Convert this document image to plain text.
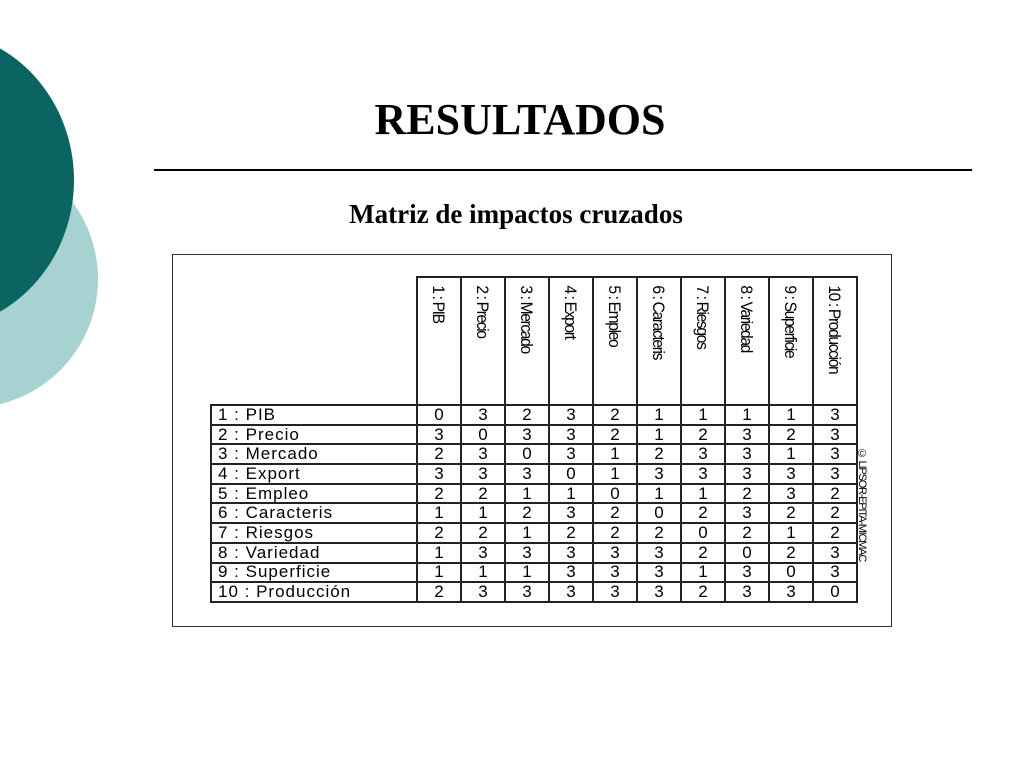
RESULTADOS
Matriz de impactos cruzados
	1 : PIB	2 : Precio	3 : Mercado	4 : Export	5 : Empleo	6 : Caracteris	7 : Riesgos	8 : Variedad	9 : Superficie	10 : Producción
1 : PIB	0	3	2	3	2	1	1	1	1	3
2 : Precio	3	0	3	3	2	1	2	3	2	3
3 : Mercado	2	3	0	3	1	2	3	3	1	3
4 : Export	3	3	3	0	1	3	3	3	3	3
5 : Empleo	2	2	1	1	0	1	1	2	3	2
6 : Caracteris	1	1	2	3	2	0	2	3	2	2
7 : Riesgos	2	2	1	2	2	2	0	2	1	2
8 : Variedad	1	3	3	3	3	3	2	0	2	3
9 : Superficie	1	1	1	3	3	3	1	3	0	3
10 : Producción	2	3	3	3	3	3	2	3	3	0
© LIPSOR-EPITA-MICMAC
